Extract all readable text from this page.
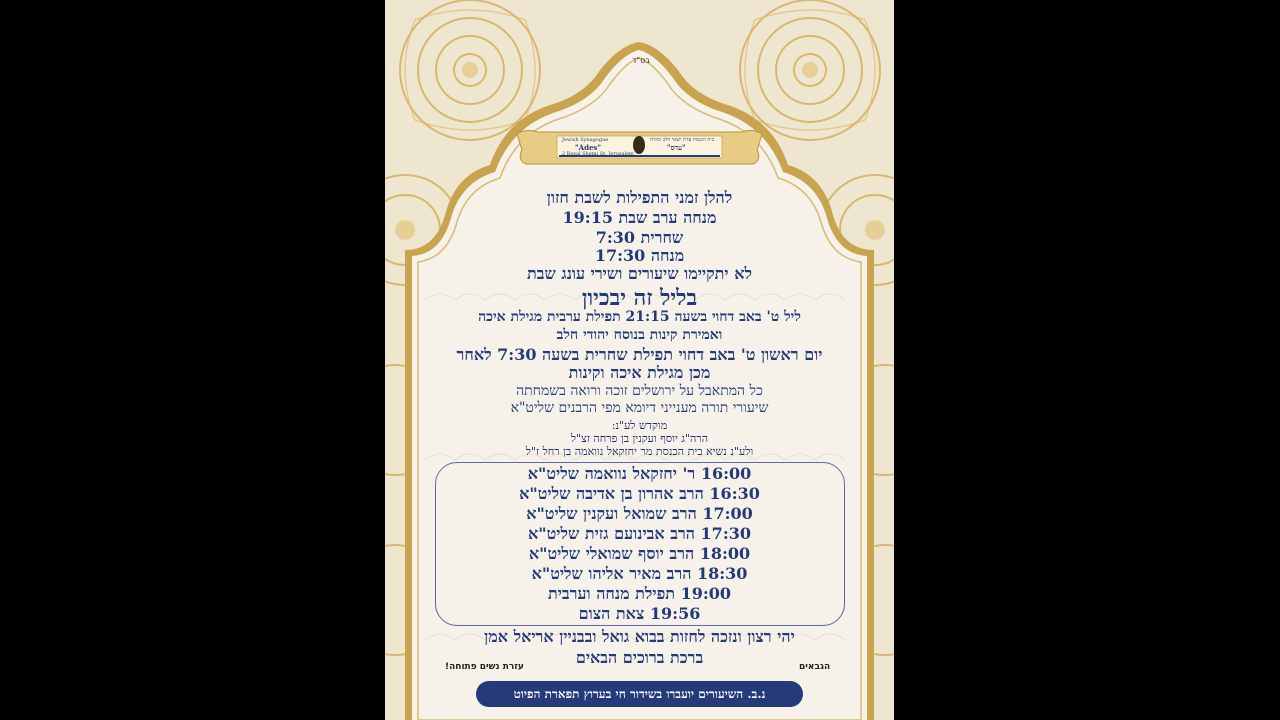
בס"ד
Jewish Synagogue
"Ades"
2 Bezal Shemi St. Jerusalem
בית הכנסת עדת יוצאי חלב ומזרח
"עדס"
להלן זמני התפילות לשבת חזון
מנחה ערב שבת 19:15
שחרית 7:30
מנחה 17:30
לא יתקיימו שיעורים ושירי עונג שבת
בליל זה יבכיון
ליל ט' באב דחוי בשעה 21:15 תפילת ערבית מגילת איכה
ואמירת קינות בנוסח יהודי חלב
יום ראשון ט' באב דחוי תפילת שחרית בשעה 7:30 לאחר
מכן מגילת איכה וקינות
כל המתאבל על ירושלים זוכה ורואה בשמחתה
שיעורי תורה מענייני דיומא מפי הרבנים שליט"א
מוקדש לע"נ:
הרה"ג יוסף ועקנין בן פרחה זצ"ל
ולע"נ נשיא בית הכנסת מר יחזקאל נוואמה בן רחל ז"ל
16:00 ר' יחזקאל נוואמה שליט"א
16:30 הרב אהרון בן אדיבה שליט"א
17:00 הרב שמואל ועקנין שליט"א
17:30 הרב אבינועם גזית שליט"א
18:00 הרב יוסף שמואלי שליט"א
18:30 הרב מאיר אליהו שליט"א
19:00 תפילת מנחה וערבית
19:56 צאת הצום
יהי רצון ונזכה לחזות בבוא גואל ובבניין אריאל אמן
ברכת ברוכים הבאים	הגבאים
עזרת נשים פתוחה!
נ.ב. השיעורים יועברו בשידור חי בערוץ תפארת הפיוט
